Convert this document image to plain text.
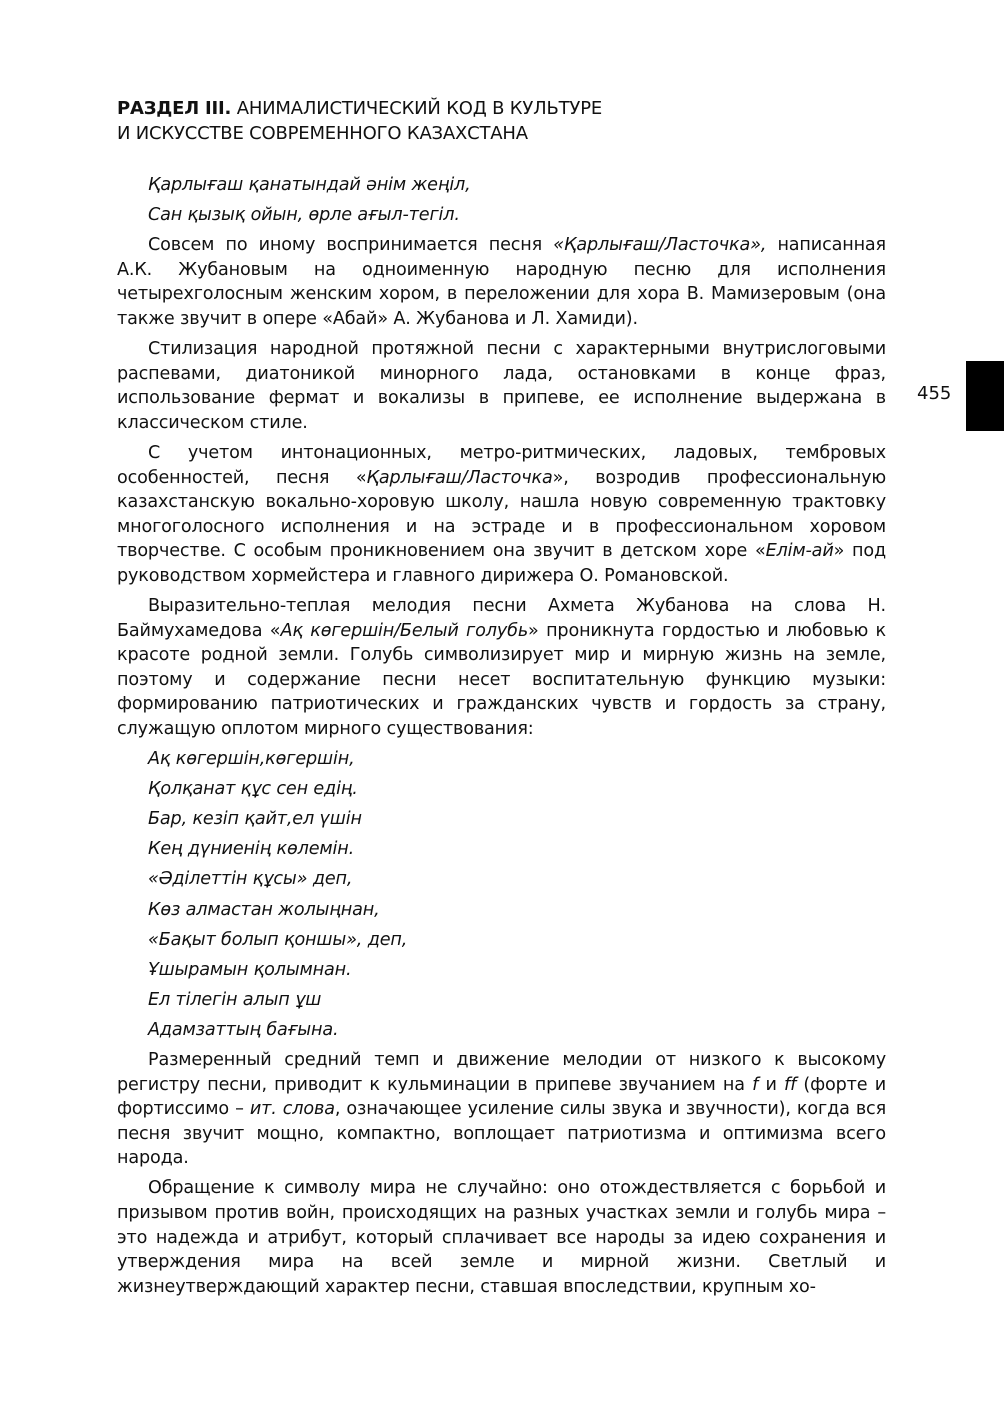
РАЗДЕЛ III. АНИМАЛИСТИЧЕСКИЙ КОД В КУЛЬТУРЕ
И ИСКУССТВЕ СОВРЕМЕННОГО КАЗАХСТАНА
455

Қарлығаш қанатындай әнім жеңіл,

Сан қызық ойын, өрле ағыл-тегіл.

Совсем по иному воспринимается песня «Қарлығаш/Ласточка», написанная А.К. Жубановым на одноименную народную песню для исполнения четырехголосным женским хором, в переложении для хора В. Мамизеровым (она также звучит в опере «Абай» А. Жубанова и Л. Хамиди).

Стилизация народной протяжной песни с характерными внутрислоговыми распевами, диатоникой минорного лада, остановками в конце фраз, использование фермат и вокализы в припеве, ее исполнение выдержана в классическом стиле.

С учетом интонационных, метро-ритмических, ладовых, тембровых особенностей, песня «Қарлығаш/Ласточка», возродив профессиональную казахстанскую вокально-хоровую школу, нашла новую современную трактовку многоголосного исполнения и на эстраде и в профессиональном хоровом творчестве. С особым проникновением она звучит в детском хоре «Елім-ай» под руководством хормейстера и главного дирижера О. Романовской.

Выразительно-теплая мелодия песни Ахмета Жубанова на слова Н. Баймухамедова «Ақ көгершін/Белый голубь» проникнута гордостью и любовью к красоте родной земли. Голубь символизирует мир и мирную жизнь на земле, поэтому и содержание песни несет воспитательную функцию музыки: формированию патриотических и гражданских чувств и гордость за страну, служащую оплотом мирного существования:

Ақ көгершін,көгершін,

Қолқанат құс сен едің.

Бар, кезіп қайт,ел үшін

Кең дүниенің көлемін.

«Әділеттін құсы» деп,

Көз алмастан жолыңнан,

«Бақыт болып қоншы», деп,

Ұшырамын қолымнан.

Ел тілегін алып ұш

Адамзаттың бағына.

Размеренный средний темп и движение мелодии от низкого к высокому регистру песни, приводит к кульминации в припеве звучанием на f и ff (форте и фортиссимо – ит. слова, означающее усиление силы звука и звучности), когда вся песня звучит мощно, компактно, воплощает патриотизма и оптимизма всего народа.

Обращение к символу мира не случайно: оно отождествляется с борьбой и призывом против войн, происходящих на разных участках земли и голубь мира – это надежда и атрибут, который сплачивает все народы за идею сохранения и утверждения мира на всей земле и мирной жизни. Светлый и жизнеутверждающий характер песни, ставшая впоследствии, крупным хо-
